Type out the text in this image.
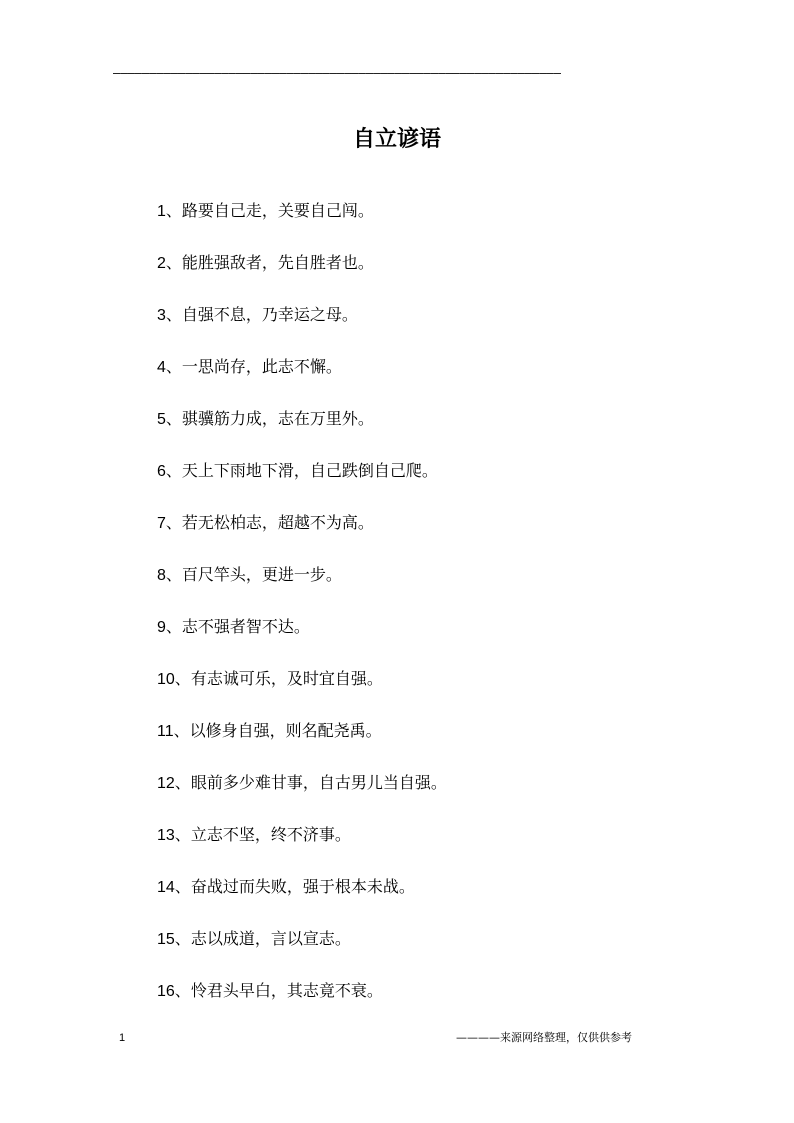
——————————————————————————————————————————————————————————————
自立谚语
1、路要自己走，关要自己闯。
2、能胜强敌者，先自胜者也。
3、自强不息，乃幸运之母。
4、一思尚存，此志不懈。
5、骐骥筋力成，志在万里外。
6、天上下雨地下滑，自己跌倒自己爬。
7、若无松柏志，超越不为高。
8、百尺竿头，更进一步。
9、志不强者智不达。
10、有志诚可乐，及时宜自强。
11、以修身自强，则名配尧禹。
12、眼前多少难甘事，自古男儿当自强。
13、立志不坚，终不济事。
14、奋战过而失败，强于根本未战。
15、志以成道，言以宣志。
16、怜君头早白，其志竟不衰。
1	————来源网络整理，仅供供参考
